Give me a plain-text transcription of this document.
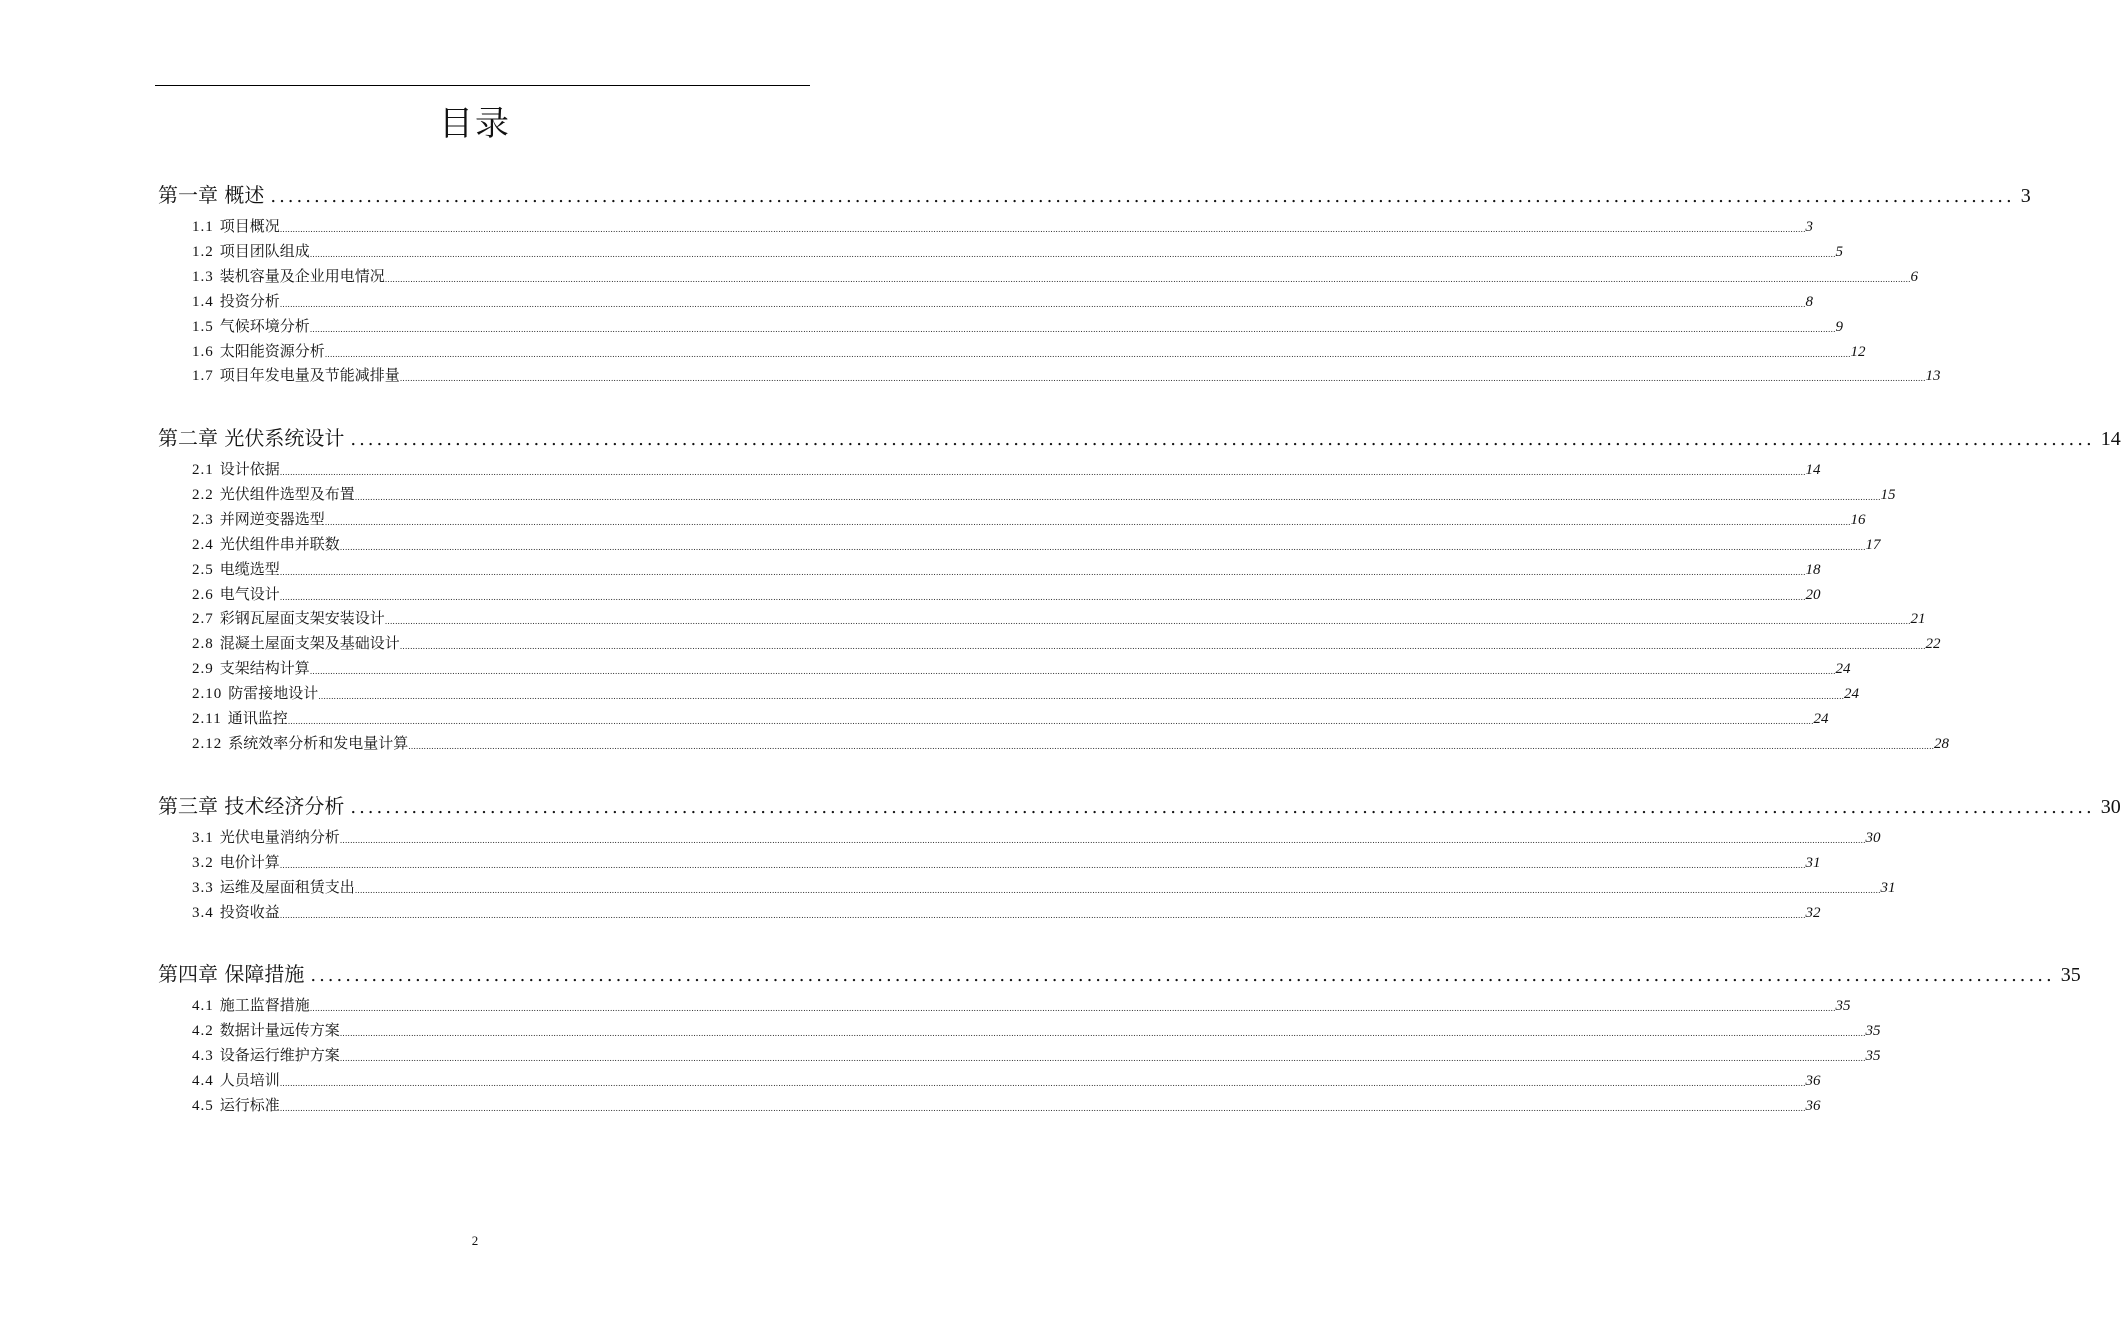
目录
第一章 概述 ........................................................................................................................................................................................................ 3
1.1 项目概况 ........................................................................................................................................................................................................................................................................................................................................................................................................................................................................................................................................................................................................................ 3
1.2 项目团队组成 ........................................................................................................................................................................................................................................................................................................................................................................................................................................................................................................................................................................................................................ 5
1.3 装机容量及企业用电情况 ........................................................................................................................................................................................................................................................................................................................................................................................................................................................................................................................................................................................................................ 6
1.4 投资分析 ........................................................................................................................................................................................................................................................................................................................................................................................................................................................................................................................................................................................................................ 8
1.5 气候环境分析 ........................................................................................................................................................................................................................................................................................................................................................................................................................................................................................................................................................................................................................ 9
1.6 太阳能资源分析 ........................................................................................................................................................................................................................................................................................................................................................................................................................................................................................................................................................................................................................ 12
1.7 项目年发电量及节能减排量 ........................................................................................................................................................................................................................................................................................................................................................................................................................................................................................................................................................................................................................ 13
第二章 光伏系统设计 ........................................................................................................................................................................................................ 14
2.1 设计依据 ........................................................................................................................................................................................................................................................................................................................................................................................................................................................................................................................................................................................................................ 14
2.2 光伏组件选型及布置 ........................................................................................................................................................................................................................................................................................................................................................................................................................................................................................................................................................................................................................ 15
2.3 并网逆变器选型 ........................................................................................................................................................................................................................................................................................................................................................................................................................................................................................................................................................................................................................ 16
2.4 光伏组件串并联数 ........................................................................................................................................................................................................................................................................................................................................................................................................................................................................................................................................................................................................................ 17
2.5 电缆选型 ........................................................................................................................................................................................................................................................................................................................................................................................................................................................................................................................................................................................................................ 18
2.6 电气设计 ........................................................................................................................................................................................................................................................................................................................................................................................................................................................................................................................................................................................................................ 20
2.7 彩钢瓦屋面支架安装设计 ........................................................................................................................................................................................................................................................................................................................................................................................................................................................................................................................................................................................................................ 21
2.8 混凝土屋面支架及基础设计 ........................................................................................................................................................................................................................................................................................................................................................................................................................................................................................................................................................................................................................ 22
2.9 支架结构计算 ........................................................................................................................................................................................................................................................................................................................................................................................................................................................................................................................................................................................................................ 24
2.10 防雷接地设计 ........................................................................................................................................................................................................................................................................................................................................................................................................................................................................................................................................................................................................................ 24
2.11 通讯监控 ........................................................................................................................................................................................................................................................................................................................................................................................................................................................................................................................................................................................................................ 24
2.12 系统效率分析和发电量计算 ........................................................................................................................................................................................................................................................................................................................................................................................................................................................................................................................................................................................................................ 28
第三章 技术经济分析 ........................................................................................................................................................................................................ 30
3.1 光伏电量消纳分析 ........................................................................................................................................................................................................................................................................................................................................................................................................................................................................................................................................................................................................................ 30
3.2 电价计算 ........................................................................................................................................................................................................................................................................................................................................................................................................................................................................................................................................................................................................................ 31
3.3 运维及屋面租赁支出 ........................................................................................................................................................................................................................................................................................................................................................................................................................................................................................................................................................................................................................ 31
3.4 投资收益 ........................................................................................................................................................................................................................................................................................................................................................................................................................................................................................................................................................................................................................ 32
第四章 保障措施 ........................................................................................................................................................................................................ 35
4.1 施工监督措施 ........................................................................................................................................................................................................................................................................................................................................................................................................................................................................................................................................................................................................................ 35
4.2 数据计量远传方案 ........................................................................................................................................................................................................................................................................................................................................................................................................................................................................................................................................................................................................................ 35
4.3 设备运行维护方案 ........................................................................................................................................................................................................................................................................................................................................................................................................................................................................................................................................................................................................................ 35
4.4 人员培训 ........................................................................................................................................................................................................................................................................................................................................................................................................................................................................................................................................................................................................................ 36
4.5 运行标准 ........................................................................................................................................................................................................................................................................................................................................................................................................................................................................................................................................................................................................................ 36
2
